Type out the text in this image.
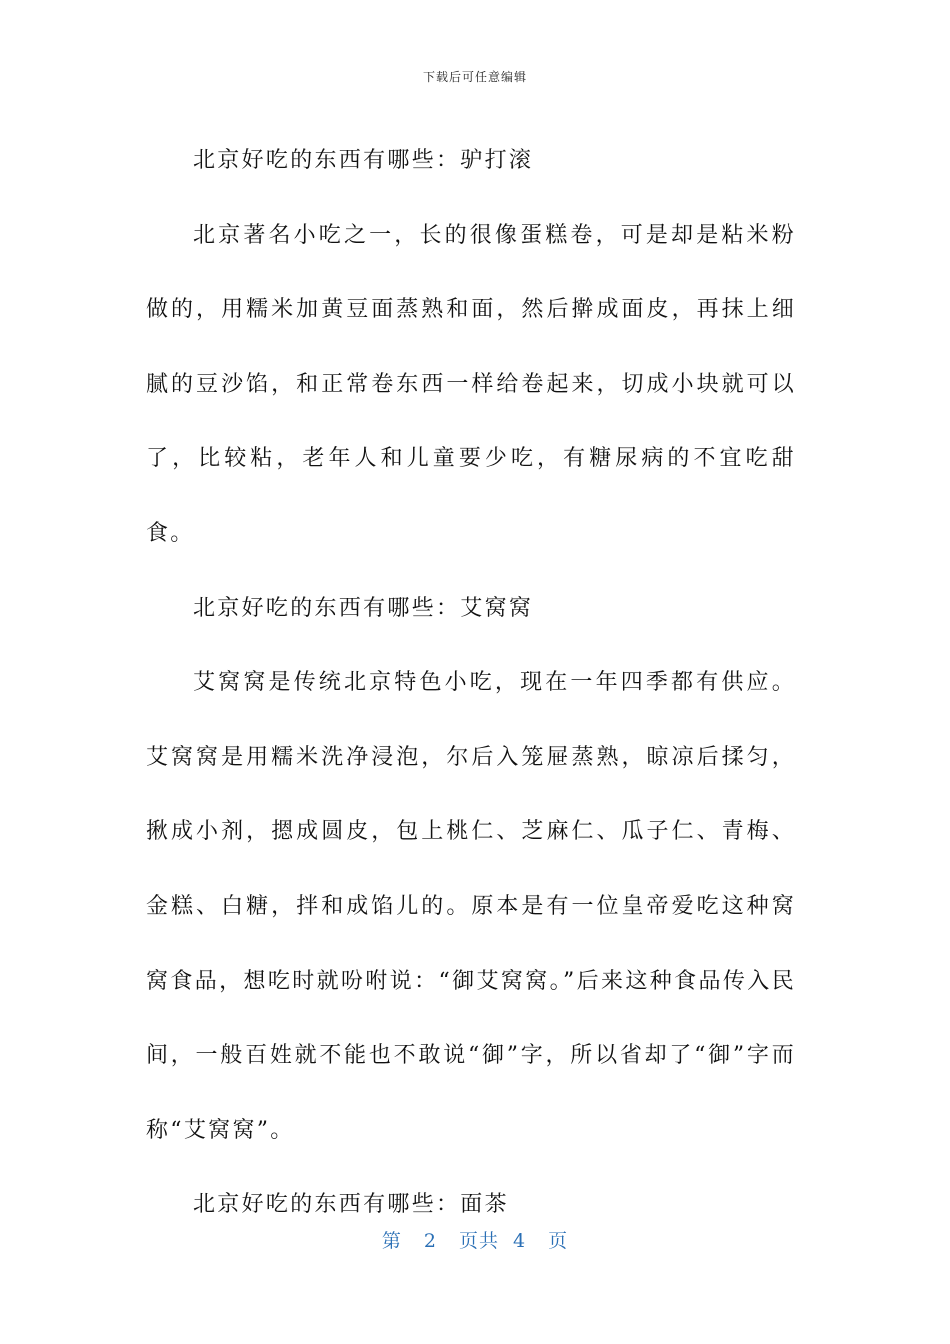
下载后可任意编辑

北京好吃的东西有哪些：驴打滚

北京著名小吃之一，长的很像蛋糕卷，可是却是粘米粉做的，用糯米加黄豆面蒸熟和面，然后擀成面皮，再抹上细腻的豆沙馅，和正常卷东西一样给卷起来，切成小块就可以了，比较粘，老年人和儿童要少吃，有糖尿病的不宜吃甜食。

北京好吃的东西有哪些：艾窝窝

艾窝窝是传统北京特色小吃，现在一年四季都有供应。艾窝窝是用糯米洗净浸泡，尔后入笼屉蒸熟，晾凉后揉匀，揪成小剂，摁成圆皮，包上桃仁、芝麻仁、瓜子仁、青梅、金糕、白糖，拌和成馅儿的。原本是有一位皇帝爱吃这种窝窝食品，想吃时就吩咐说：“御艾窝窝。”后来这种食品传入民间，一般百姓就不能也不敢说“御”字，所以省却了“御”字而称“艾窝窝”。

北京好吃的东西有哪些：面茶

第 2 页共 4 页
